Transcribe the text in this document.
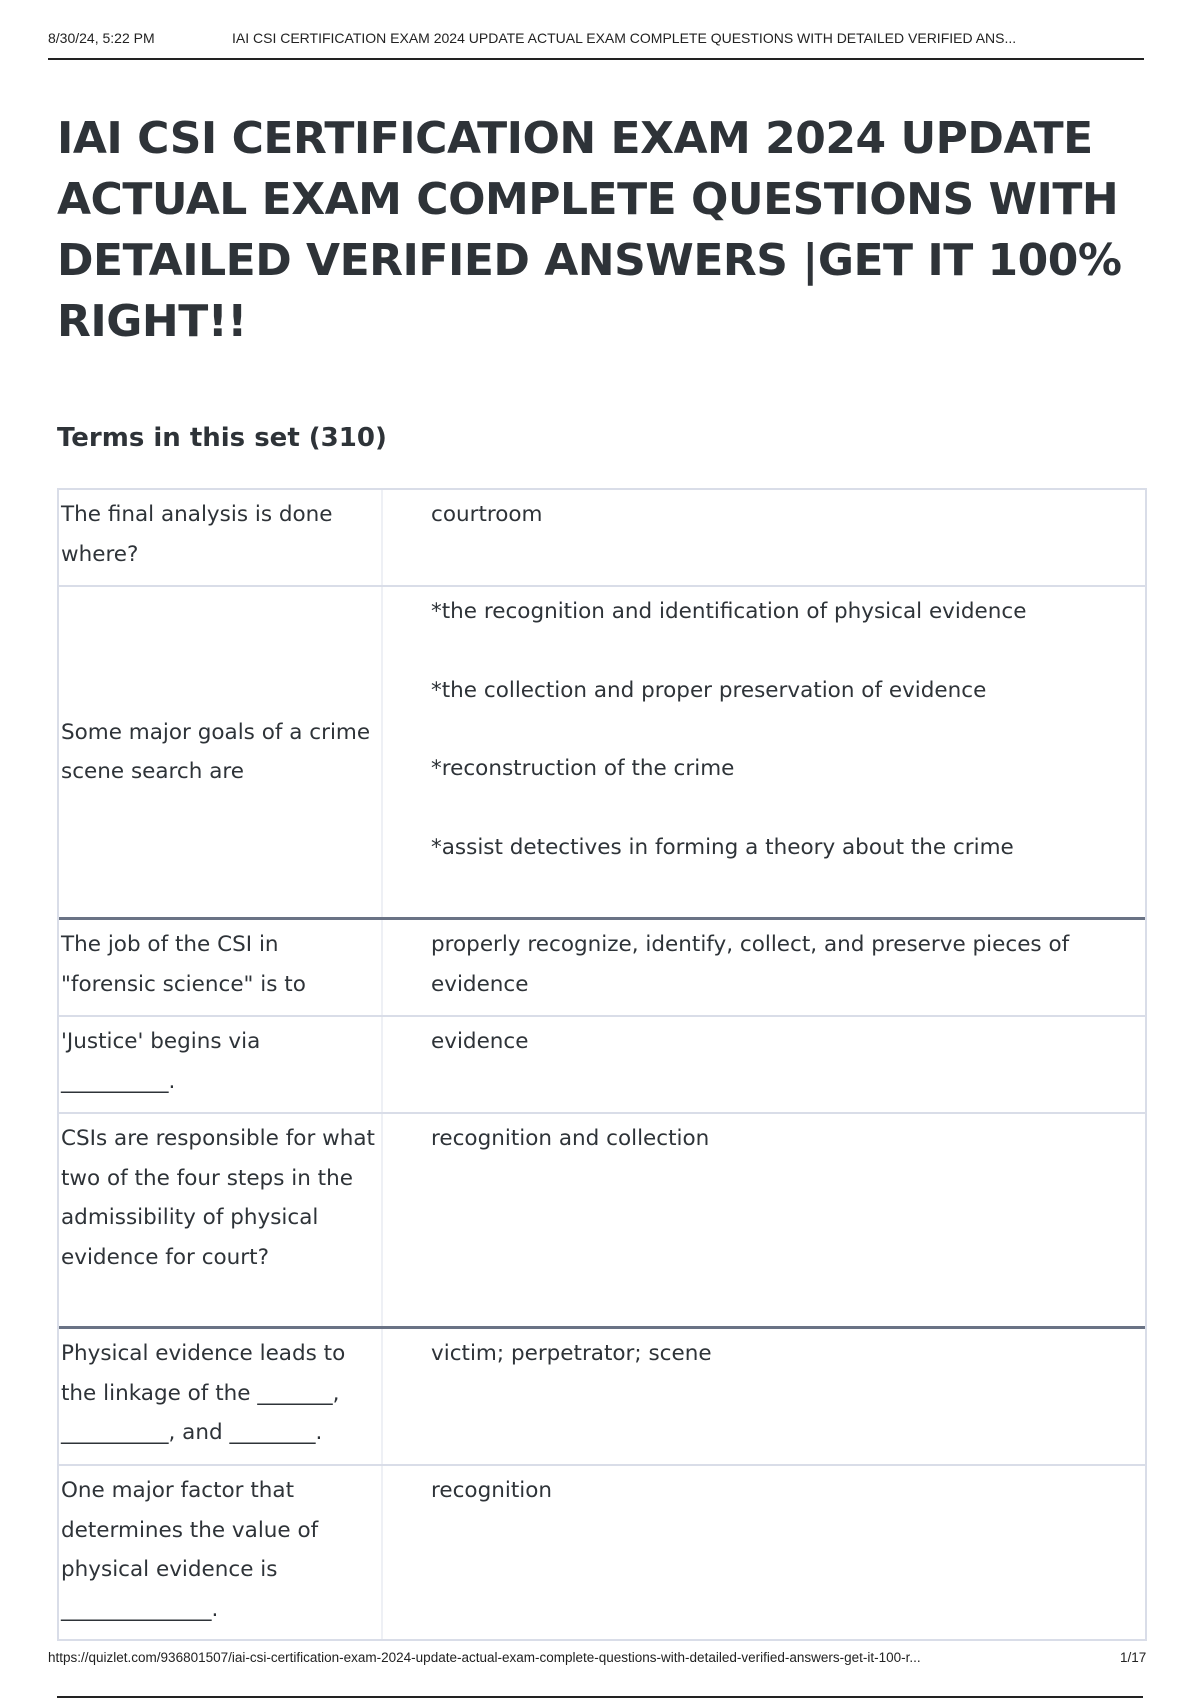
8/30/24, 5:22 PM	IAI CSI CERTIFICATION EXAM 2024 UPDATE ACTUAL EXAM COMPLETE QUESTIONS WITH DETAILED VERIFIED ANS...
IAI CSI CERTIFICATION EXAM 2024 UPDATE ACTUAL EXAM COMPLETE QUESTIONS WITH DETAILED VERIFIED ANSWERS |GET IT 100% RIGHT!!
Terms in this set (310)
The final analysis is done where?

courtroom

Some major goals of a crime scene search are

*the recognition and identification of physical evidence

*the collection and proper preservation of evidence

*reconstruction of the crime

*assist detectives in forming a theory about the crime

The job of the CSI in "forensic science" is to

properly recognize, identify, collect, and preserve pieces of evidence

'Justice' begins via __________.

evidence

CSIs are responsible for what two of the four steps in the admissibility of physical evidence for court?

recognition and collection

Physical evidence leads to the linkage of the _______, __________, and ________.

victim; perpetrator; scene

One major factor that determines the value of physical evidence is ______________.

recognition

https://quizlet.com/936801507/iai-csi-certification-exam-2024-update-actual-exam-complete-questions-with-detailed-verified-answers-get-it-100-r...	1/17
